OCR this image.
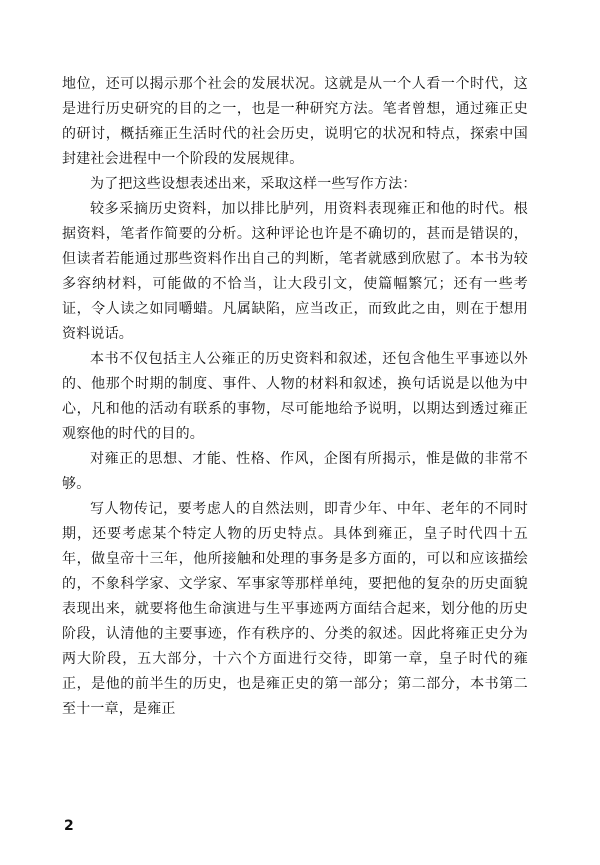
地位，还可以揭示那个社会的发展状况。这就是从一个人看一个时代，这是进行历史研究的目的之一，也是一种研究方法。笔者曾想，通过雍正史的研讨，概括雍正生活时代的社会历史，说明它的状况和特点，探索中国封建社会进程中一个阶段的发展规律。

为了把这些设想表述出来，采取这样一些写作方法：

较多采摘历史资料，加以排比胪列，用资料表现雍正和他的时代。根据资料，笔者作简要的分析。这种评论也许是不确切的，甚而是错误的，但读者若能通过那些资料作出自己的判断，笔者就感到欣慰了。本书为较多容纳材料，可能做的不恰当，让大段引文，使篇幅繁冗；还有一些考证，令人读之如同嚼蜡。凡属缺陷，应当改正，而致此之由，则在于想用资料说话。

本书不仅包括主人公雍正的历史资料和叙述，还包含他生平事迹以外的、他那个时期的制度、事件、人物的材料和叙述，换句话说是以他为中心，凡和他的活动有联系的事物，尽可能地给予说明，以期达到透过雍正观察他的时代的目的。

对雍正的思想、才能、性格、作风，企图有所揭示，惟是做的非常不够。

写人物传记，要考虑人的自然法则，即青少年、中年、老年的不同时期，还要考虑某个特定人物的历史特点。具体到雍正，皇子时代四十五年，做皇帝十三年，他所接触和处理的事务是多方面的，可以和应该描绘的，不象科学家、文学家、军事家等那样单纯，要把他的复杂的历史面貌表现出来，就要将他生命演进与生平事迹两方面结合起来，划分他的历史阶段，认清他的主要事迹，作有秩序的、分类的叙述。因此将雍正史分为两大阶段，五大部分，十六个方面进行交待，即第一章，皇子时代的雍正，是他的前半生的历史，也是雍正史的第一部分；第二部分，本书第二至十一章，是雍正

2
